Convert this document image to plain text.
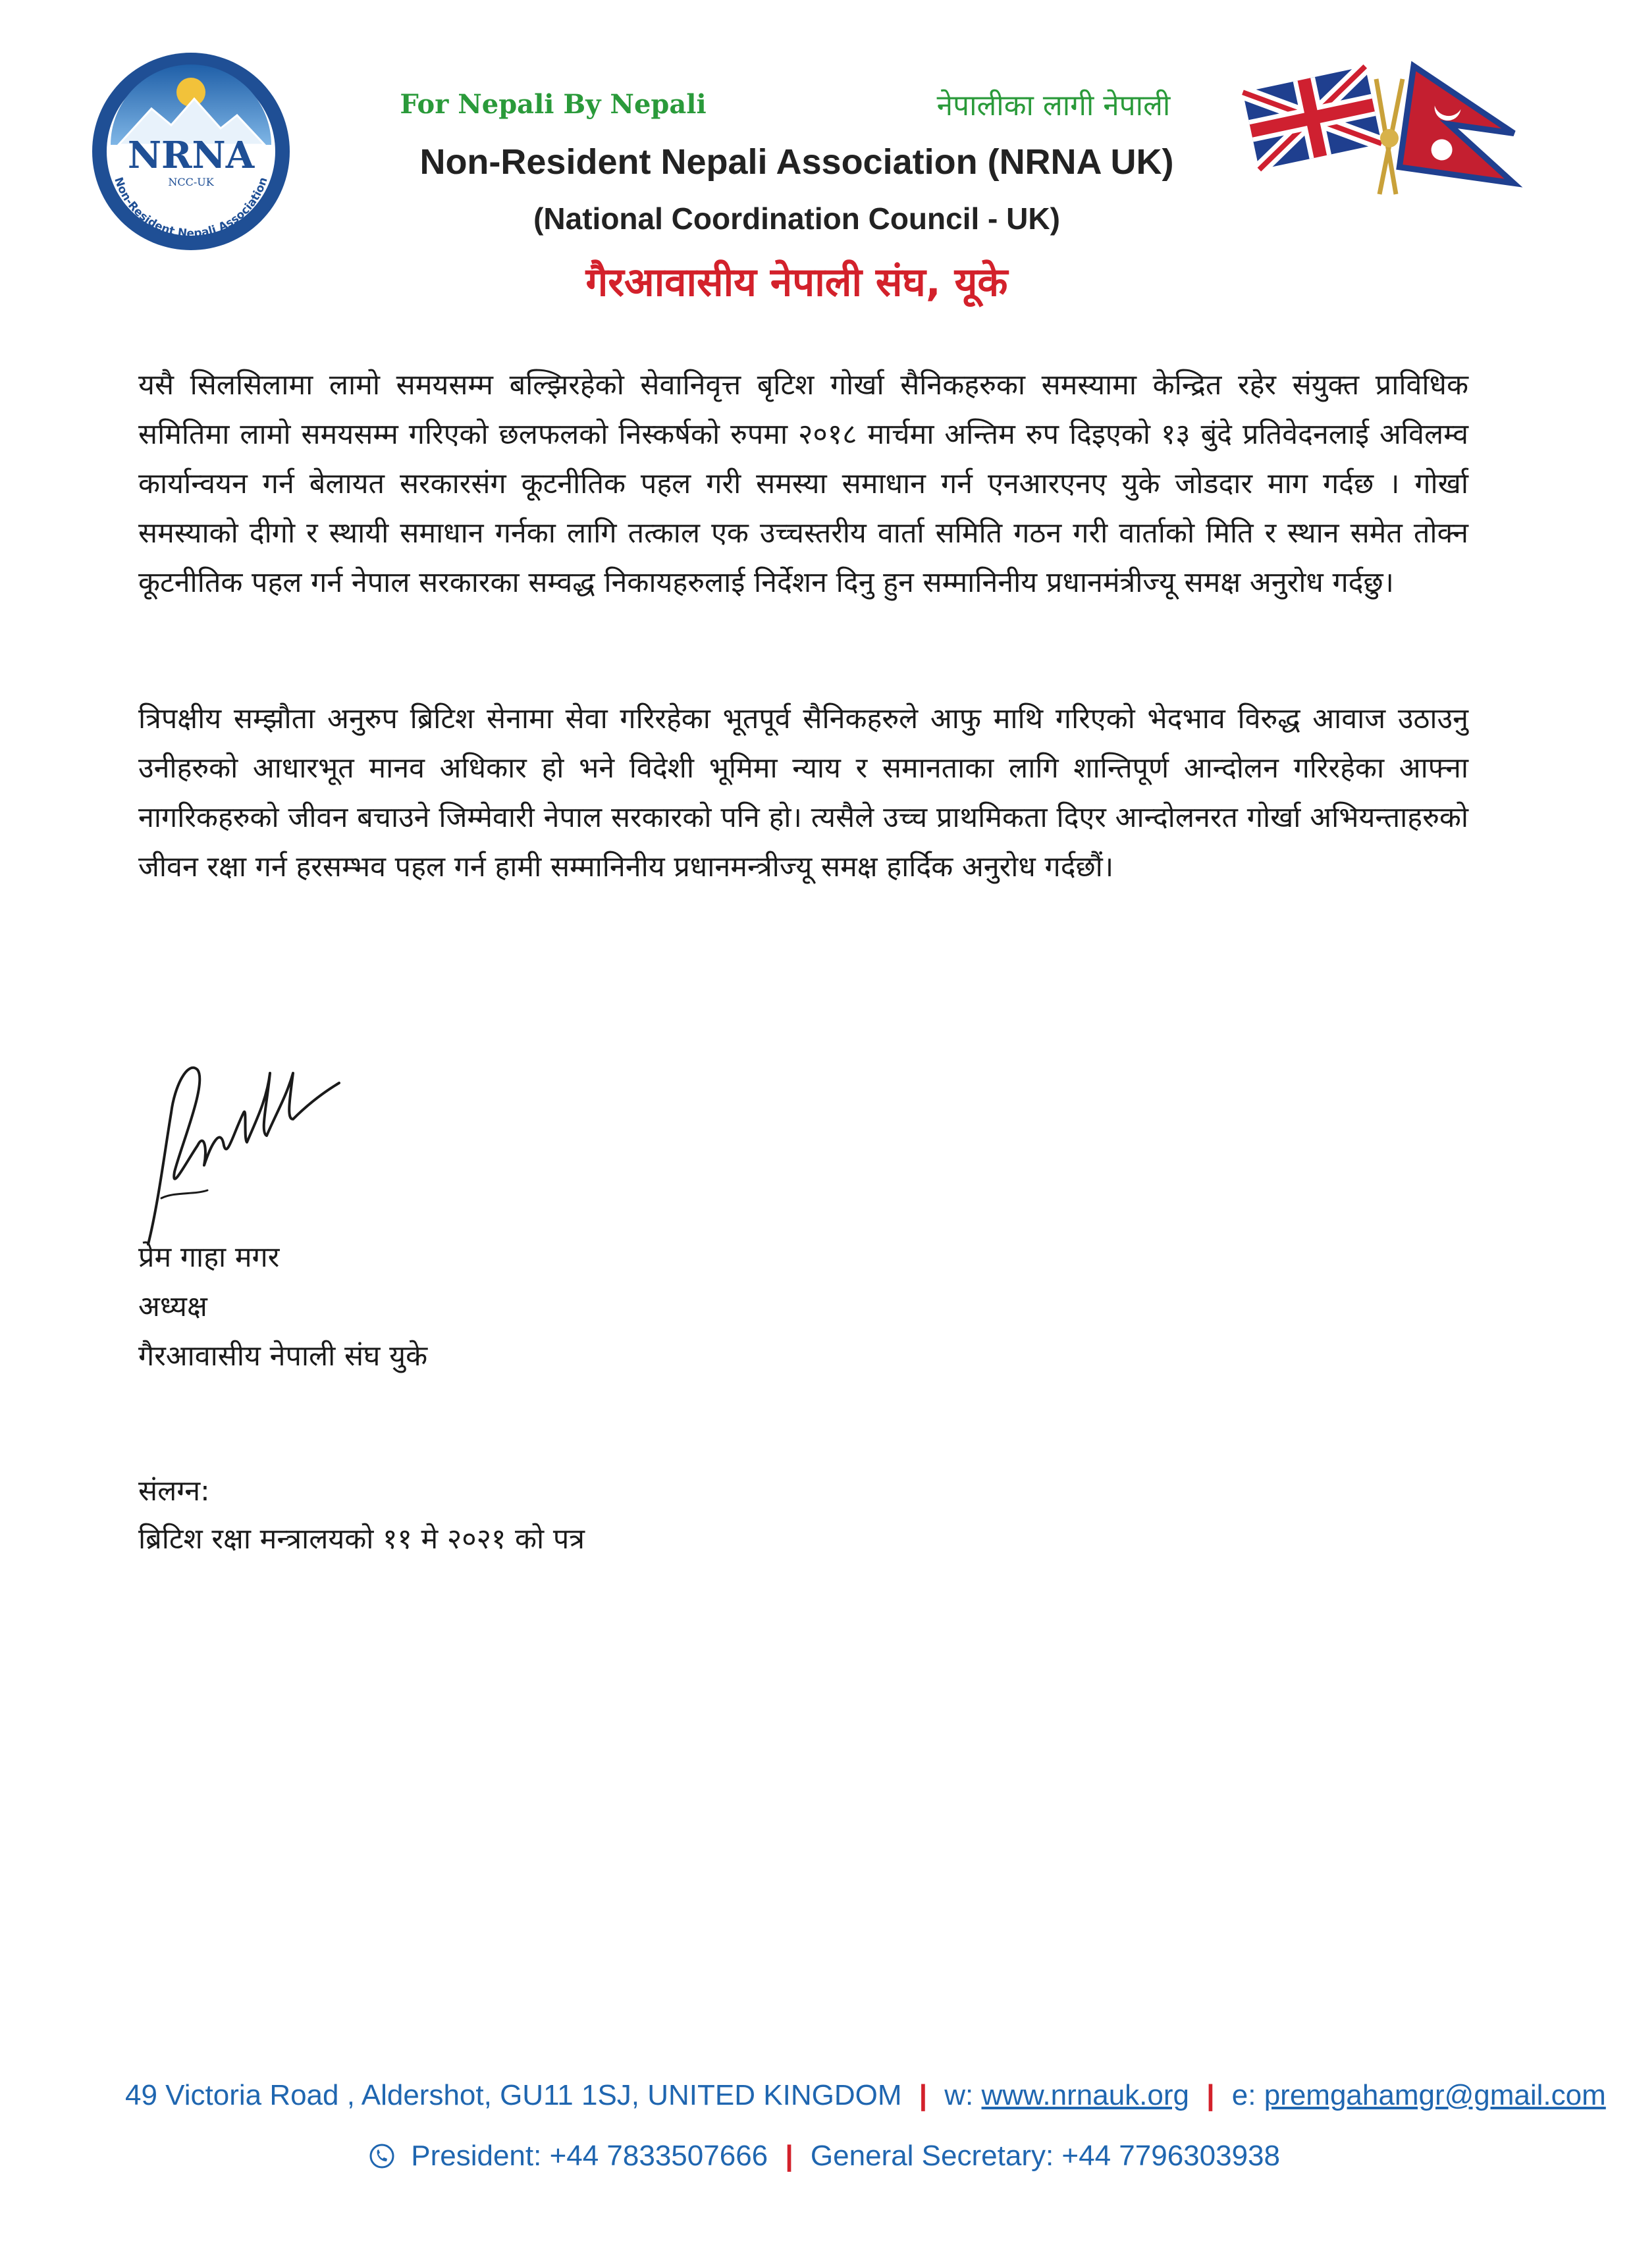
NRNA
NCC-UK
Non-Resident Nepali Association
For Nepali By Nepali	नेपालीका लागी नेपाली
Non-Resident Nepali Association (NRNA UK)
(National Coordination Council - UK)
गैरआवासीय नेपाली संघ, यूके

यसै सिलसिलामा लामो समयसम्म बल्झिरहेको सेवानिवृत्त बृटिश गोर्खा सैनिकहरुका समस्यामा केन्द्रित रहेर संयुक्त प्राविधिक समितिमा लामो समयसम्म गरिएको छलफलको निस्कर्षको रुपमा २०१८ मार्चमा अन्तिम रुप दिइएको १३ बुंदे प्रतिवेदनलाई अविलम्व कार्यान्वयन गर्न बेलायत सरकारसंग कूटनीतिक पहल गरी समस्या समाधान गर्न एनआरएनए युके जोडदार माग गर्दछ । गोर्खा समस्याको दीगो र स्थायी समाधान गर्नका लागि तत्काल एक उच्चस्तरीय वार्ता समिति गठन गरी वार्ताको मिति र स्थान समेत तोक्न कूटनीतिक पहल गर्न नेपाल सरकारका सम्वद्ध निकायहरुलाई निर्देशन दिनु हुन सम्मानिनीय प्रधानमंत्रीज्यू समक्ष अनुरोध गर्दछु।

त्रिपक्षीय सम्झौता अनुरुप ब्रिटिश सेनामा सेवा गरिरहेका भूतपूर्व सैनिकहरुले आफु माथि गरिएको भेदभाव विरुद्ध आवाज उठाउनु उनीहरुको आधारभूत मानव अधिकार हो भने विदेशी भूमिमा न्याय र समानताका लागि शान्तिपूर्ण आन्दोलन गरिरहेका आफ्ना नागरिकहरुको जीवन बचाउने जिम्मेवारी नेपाल सरकारको पनि हो। त्यसैले उच्च प्राथमिकता दिएर आन्दोलनरत गोर्खा अभियन्ताहरुको जीवन रक्षा गर्न हरसम्भव पहल गर्न हामी सम्मानिनीय प्रधानमन्त्रीज्यू समक्ष हार्दिक अनुरोध गर्दछौं।

प्रेम गाहा मगर
अध्यक्ष
गैरआवासीय नेपाली संघ युके
संलग्न:
ब्रिटिश रक्षा मन्त्रालयको ११ मे २०२१ को पत्र
49 Victoria Road , Aldershot, GU11 1SJ, UNITED KINGDOM | w: www.nrnauk.org | e: premgahamgr@gmail.com
President: +44 7833507666 | General Secretary: +44 7796303938
